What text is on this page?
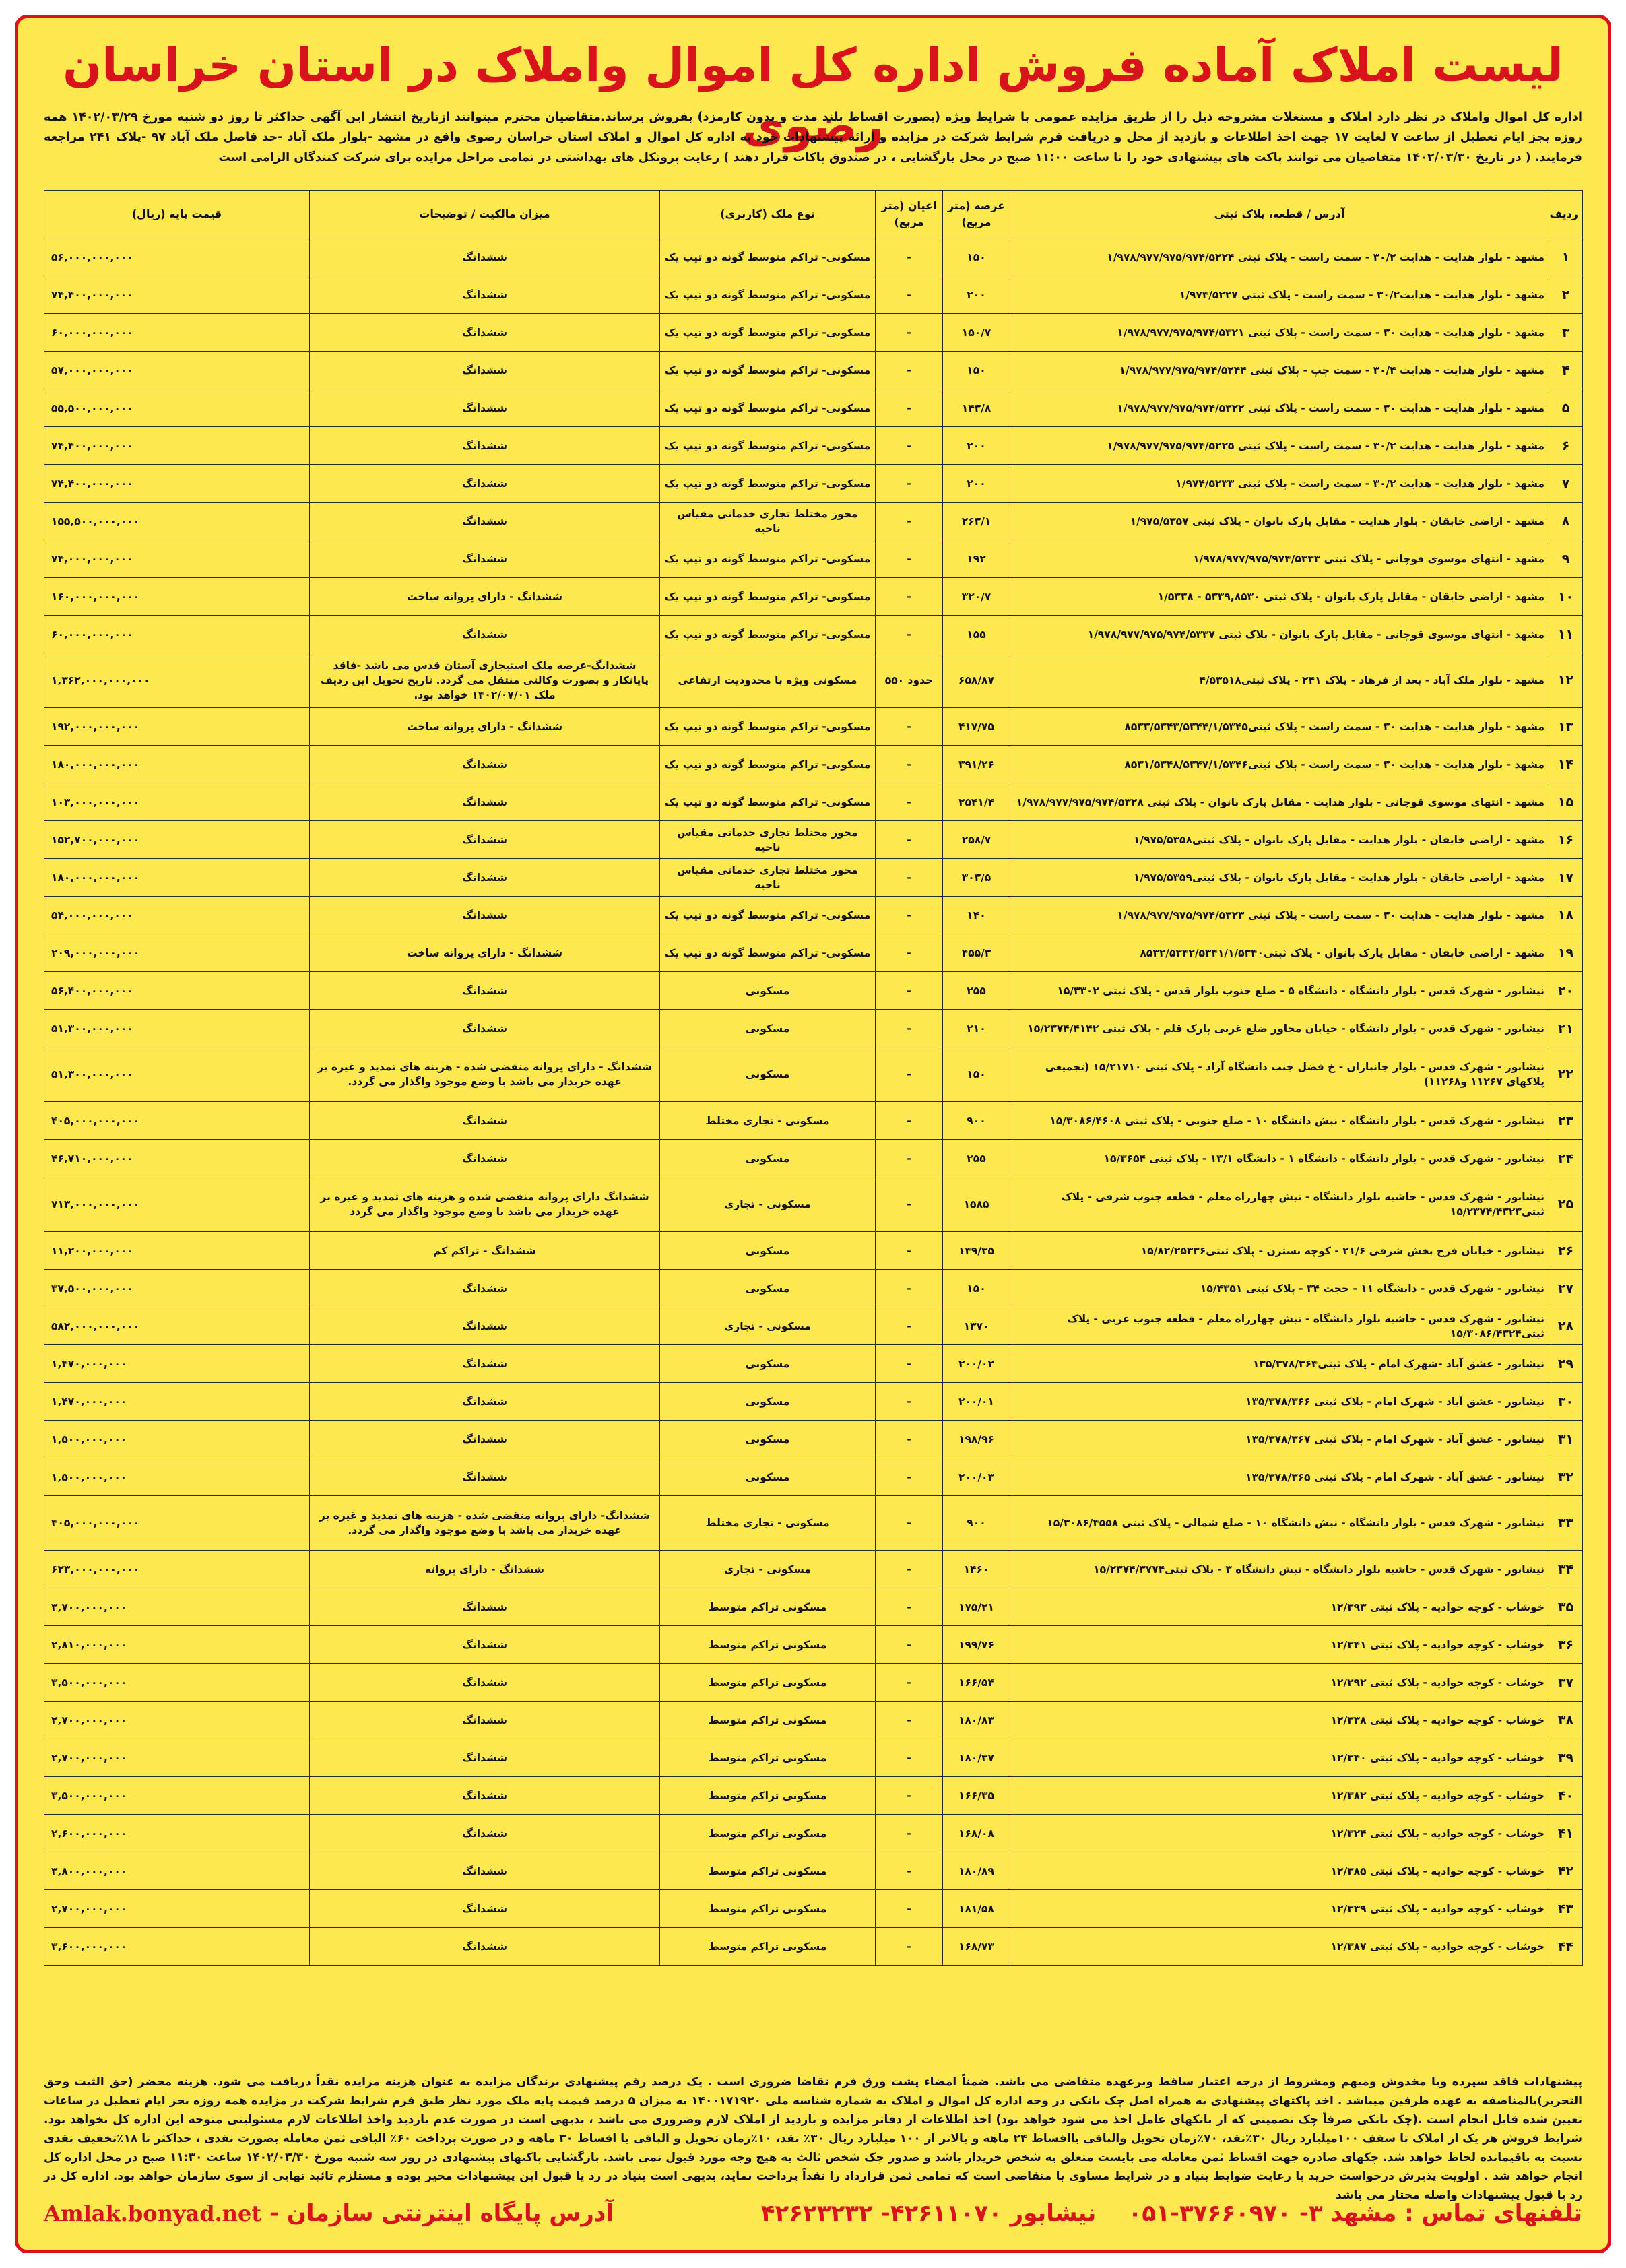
لیست املاک آماده فروش اداره کل اموال واملاک در استان خراسان رضوی
اداره کل اموال واملاک در نظر دارد املاک و مستغلات مشروحه ذیل را از طریق مزایده عمومی با شرایط ویژه (بصورت اقساط بلند مدت و بدون کارمزد) بفروش برساند.متقاضیان محترم میتوانند ازتاریخ انتشار این آگهی حداکثر تا روز دو شنبه مورخ ۱۴۰۲/۰۳/۲۹ همه روزه بجز ایام تعطیل از ساعت ۷ لغایت ۱۷ جهت اخذ اطلاعات و بازدید از محل و دریافت فرم شرایط شرکت در مزایده و ارائه پیشنهادات خود به اداره کل اموال و املاک استان خراسان رضوی واقع در مشهد -بلوار ملک آباد -حد فاصل ملک آباد ۹۷ -پلاک ۲۴۱ مراجعه فرمایند. ( در تاریخ ۱۴۰۲/۰۳/۳۰ متقاضیان می توانند پاکت های پیشنهادی خود را تا ساعت ۱۱:۰۰ صبح در محل بازگشایی ، در صندوق پاکات قرار دهند ) رعایت پروتکل های بهداشتی در تمامی مراحل مزایده برای شرکت کنندگان الزامی است
ردیف	آدرس / قطعه، پلاک ثبتی	عرصه (متر مربع)	اعیان (متر مربع)	نوع ملک (کاربری)	میزان مالکیت / توضیحات	قیمت پایه (ریال)
۱	مشهد - بلوار هدایت - هدایت ۳۰/۲ - سمت راست - پلاک ثبتی ۱/۹۷۸/۹۷۷/۹۷۵/۹۷۴/۵۲۲۴	۱۵۰	-	مسکونی- تراکم متوسط گونه دو تیپ یک	ششدانگ	۵۶,۰۰۰,۰۰۰,۰۰۰
۲	مشهد - بلوار هدایت - هدایت۳۰/۲ - سمت راست - پلاک ثبتی ۱/۹۷۴/۵۲۲۷	۲۰۰	-	مسکونی- تراکم متوسط گونه دو تیپ یک	ششدانگ	۷۴,۴۰۰,۰۰۰,۰۰۰
۳	مشهد - بلوار هدایت - هدایت ۳۰ - سمت راست - پلاک ثبتی ۱/۹۷۸/۹۷۷/۹۷۵/۹۷۴/۵۳۲۱	۱۵۰/۷	-	مسکونی- تراکم متوسط گونه دو تیپ یک	ششدانگ	۶۰,۰۰۰,۰۰۰,۰۰۰
۴	مشهد - بلوار هدایت - هدایت ۳۰/۴ - سمت چپ - پلاک ثبتی ۱/۹۷۸/۹۷۷/۹۷۵/۹۷۴/۵۲۴۴	۱۵۰	-	مسکونی- تراکم متوسط گونه دو تیپ یک	ششدانگ	۵۷,۰۰۰,۰۰۰,۰۰۰
۵	مشهد - بلوار هدایت - هدایت ۳۰ - سمت راست - پلاک ثبتی ۱/۹۷۸/۹۷۷/۹۷۵/۹۷۴/۵۳۲۲	۱۴۳/۸	-	مسکونی- تراکم متوسط گونه دو تیپ یک	ششدانگ	۵۵,۵۰۰,۰۰۰,۰۰۰
۶	مشهد - بلوار هدایت - هدایت ۳۰/۲ - سمت راست - پلاک ثبتی ۱/۹۷۸/۹۷۷/۹۷۵/۹۷۴/۵۲۲۵	۲۰۰	-	مسکونی- تراکم متوسط گونه دو تیپ یک	ششدانگ	۷۴,۴۰۰,۰۰۰,۰۰۰
۷	مشهد - بلوار هدایت - هدایت ۳۰/۲ - سمت راست - پلاک ثبتی ۱/۹۷۴/۵۲۳۳	۲۰۰	-	مسکونی- تراکم متوسط گونه دو تیپ یک	ششدانگ	۷۴,۴۰۰,۰۰۰,۰۰۰
۸	مشهد - اراضی خابقان - بلوار هدایت - مقابل پارک بانوان - پلاک ثبتی ۱/۹۷۵/۵۳۵۷	۲۶۳/۱	-	محور مختلط تجاری خدماتی مقیاس ناحیه	ششدانگ	۱۵۵,۵۰۰,۰۰۰,۰۰۰
۹	مشهد - انتهای موسوی قوچانی - پلاک ثبتی ۱/۹۷۸/۹۷۷/۹۷۵/۹۷۴/۵۳۳۳	۱۹۲	-	مسکونی- تراکم متوسط گونه دو تیپ یک	ششدانگ	۷۴,۰۰۰,۰۰۰,۰۰۰
۱۰	مشهد - اراضی خابقان - مقابل پارک بانوان - پلاک ثبتی ۵۳۳۹,۸۵۳۰ - ۱/۵۳۳۸	۳۲۰/۷	-	مسکونی- تراکم متوسط گونه دو تیپ یک	ششدانگ - دارای پروانه ساخت	۱۶۰,۰۰۰,۰۰۰,۰۰۰
۱۱	مشهد - انتهای موسوی قوچانی - مقابل پارک بانوان - پلاک ثبتی ۱/۹۷۸/۹۷۷/۹۷۵/۹۷۴/۵۳۳۷	۱۵۵	-	مسکونی- تراکم متوسط گونه دو تیپ یک	ششدانگ	۶۰,۰۰۰,۰۰۰,۰۰۰
۱۲	مشهد - بلوار ملک آباد - بعد از فرهاد - پلاک ۲۴۱ - پلاک ثبتی۴/۵۳۵۱۸	۶۵۸/۸۷	حدود ۵۵۰	مسکونی ویژه با محدودیت ارتفاعی	ششدانگ-عرصه ملک استیجاری آستان قدس می باشد -فاقد پایانکار و بصورت وکالتی منتقل می گردد. تاریخ تحویل این ردیف ملک ۱۴۰۲/۰۷/۰۱ خواهد بود.	۱,۳۶۲,۰۰۰,۰۰۰,۰۰۰
۱۳	مشهد - بلوار هدایت - هدایت ۳۰ - سمت راست - پلاک ثبتی۸۵۳۳/۵۳۴۳/۵۳۴۴/۱/۵۳۴۵	۴۱۷/۷۵	-	مسکونی- تراکم متوسط گونه دو تیپ یک	ششدانگ - دارای پروانه ساخت	۱۹۲,۰۰۰,۰۰۰,۰۰۰
۱۴	مشهد - بلوار هدایت - هدایت ۳۰ - سمت راست - پلاک ثبتی۸۵۳۱/۵۳۴۸/۵۳۴۷/۱/۵۳۴۶	۳۹۱/۲۶	-	مسکونی- تراکم متوسط گونه دو تیپ یک	ششدانگ	۱۸۰,۰۰۰,۰۰۰,۰۰۰
۱۵	مشهد - انتهای موسوی قوچانی - بلوار هدایت - مقابل پارک بانوان - پلاک ثبتی ۱/۹۷۸/۹۷۷/۹۷۵/۹۷۴/۵۳۲۸	۲۵۴۱/۴	-	مسکونی- تراکم متوسط گونه دو تیپ یک	ششدانگ	۱۰۳,۰۰۰,۰۰۰,۰۰۰
۱۶	مشهد - اراضی خابقان - بلوار هدایت - مقابل پارک بانوان - پلاک ثبتی۱/۹۷۵/۵۳۵۸	۲۵۸/۷	-	محور مختلط تجاری خدماتی مقیاس ناحیه	ششدانگ	۱۵۲,۷۰۰,۰۰۰,۰۰۰
۱۷	مشهد - اراضی خابقان - بلوار هدایت - مقابل پارک بانوان - پلاک ثبتی۱/۹۷۵/۵۳۵۹	۳۰۳/۵	-	محور مختلط تجاری خدماتی مقیاس ناحیه	ششدانگ	۱۸۰,۰۰۰,۰۰۰,۰۰۰
۱۸	مشهد - بلوار هدایت - هدایت ۳۰ - سمت راست - پلاک ثبتی ۱/۹۷۸/۹۷۷/۹۷۵/۹۷۴/۵۳۲۳	۱۴۰	-	مسکونی- تراکم متوسط گونه دو تیپ یک	ششدانگ	۵۴,۰۰۰,۰۰۰,۰۰۰
۱۹	مشهد - اراضی خابقان - مقابل پارک بانوان - پلاک ثبتی۸۵۳۲/۵۳۴۲/۵۳۴۱/۱/۵۳۴۰	۴۵۵/۳	-	مسکونی- تراکم متوسط گونه دو تیپ یک	ششدانگ - دارای پروانه ساخت	۲۰۹,۰۰۰,۰۰۰,۰۰۰
۲۰	نیشابور - شهرک قدس - بلوار دانشگاه - دانشگاه ۵ - ضلع جنوب بلوار قدس - پلاک ثبتی ۱۵/۳۳۰۲	۲۵۵	-	مسکونی	ششدانگ	۵۶,۴۰۰,۰۰۰,۰۰۰
۲۱	نیشابور - شهرک قدس - بلوار دانشگاه - خیابان مجاور ضلع غربی پارک قلم - پلاک ثبتی ۱۵/۲۳۷۴/۴۱۴۲	۲۱۰	-	مسکونی	ششدانگ	۵۱,۳۰۰,۰۰۰,۰۰۰
۲۲	نیشابور - شهرک قدس - بلوار جانبازان - خ فضل جنب دانشگاه آزاد - پلاک ثبتی ۱۵/۲۱۷۱۰ (تجمیعی پلاکهای ۱۱۲۶۷ و۱۱۲۶۸)	۱۵۰	-	مسکونی	ششدانگ - دارای پروانه منقضی شده - هزینه های تمدید و غیره بر عهده خریدار می باشد با وضع موجود واگذار می گردد.	۵۱,۳۰۰,۰۰۰,۰۰۰
۲۳	نیشابور - شهرک قدس - بلوار دانشگاه - نبش دانشگاه ۱۰ - ضلع جنوبی - پلاک ثبتی ۱۵/۳۰۸۶/۴۶۰۸	۹۰۰	-	مسکونی - تجاری مختلط	ششدانگ	۴۰۵,۰۰۰,۰۰۰,۰۰۰
۲۴	نیشابور - شهرک قدس - بلوار دانشگاه - دانشگاه ۱ - دانشگاه ۱۳/۱ - پلاک ثبتی ۱۵/۳۶۵۴	۲۵۵	-	مسکونی	ششدانگ	۴۶,۷۱۰,۰۰۰,۰۰۰
۲۵	نیشابور - شهرک قدس - حاشیه بلوار دانشگاه - نبش چهارراه معلم - قطعه جنوب شرقی - پلاک ثبتی۱۵/۲۳۷۴/۴۳۲۳	۱۵۸۵	-	مسکونی - تجاری	ششدانگ دارای پروانه منقضی شده و هزینه های تمدید و غیره بر عهده خریدار می باشد با وضع موجود واگذار می گردد	۷۱۳,۰۰۰,۰۰۰,۰۰۰
۲۶	نیشابور - خیابان فرح بخش شرقی ۲۱/۶ - کوچه نسترن - پلاک ثبتی۱۵/۸۲/۲۵۳۳۶	۱۴۹/۳۵	-	مسکونی	ششدانگ - تراکم کم	۱۱,۲۰۰,۰۰۰,۰۰۰
۲۷	نیشابور - شهرک قدس - دانشگاه ۱۱ - حجت ۳۴ - پلاک ثبتی ۱۵/۴۳۵۱	۱۵۰	-	مسکونی	ششدانگ	۳۷,۵۰۰,۰۰۰,۰۰۰
۲۸	نیشابور - شهرک قدس - حاشیه بلوار دانشگاه - نبش چهارراه معلم - قطعه جنوب غربی - پلاک ثبتی۱۵/۳۰۸۶/۴۳۲۴	۱۳۷۰	-	مسکونی - تجاری	ششدانگ	۵۸۲,۰۰۰,۰۰۰,۰۰۰
۲۹	نیشابور - عشق آباد -شهرک امام - پلاک ثبتی۱۳۵/۳۷۸/۳۶۴	۲۰۰/۰۲	-	مسکونی	ششدانگ	۱,۴۷۰,۰۰۰,۰۰۰
۳۰	نیشابور - عشق آباد - شهرک امام - پلاک ثبتی ۱۳۵/۳۷۸/۳۶۶	۲۰۰/۰۱	-	مسکونی	ششدانگ	۱,۴۷۰,۰۰۰,۰۰۰
۳۱	نیشابور - عشق آباد - شهرک امام - پلاک ثبتی ۱۳۵/۳۷۸/۳۶۷	۱۹۸/۹۶	-	مسکونی	ششدانگ	۱,۵۰۰,۰۰۰,۰۰۰
۳۲	نیشابور - عشق آباد - شهرک امام - پلاک ثبتی ۱۳۵/۳۷۸/۳۶۵	۲۰۰/۰۳	-	مسکونی	ششدانگ	۱,۵۰۰,۰۰۰,۰۰۰
۳۳	نیشابور - شهرک قدس - بلوار دانشگاه - نبش دانشگاه ۱۰ - ضلع شمالی - پلاک ثبتی ۱۵/۳۰۸۶/۴۵۵۸	۹۰۰	-	مسکونی - تجاری مختلط	ششدانگ- دارای پروانه منقضی شده - هزینه های تمدید و غیره بر عهده خریدار می باشد با وضع موجود واگذار می گردد.	۴۰۵,۰۰۰,۰۰۰,۰۰۰
۳۴	نیشابور - شهرک قدس - حاشیه بلوار دانشگاه - نبش دانشگاه ۳ - پلاک ثبتی۱۵/۲۳۷۴/۳۷۷۴	۱۴۶۰	-	مسکونی - تجاری	ششدانگ - دارای پروانه	۶۲۳,۰۰۰,۰۰۰,۰۰۰
۳۵	خوشاب - کوچه جوادیه - پلاک ثبتی ۱۲/۳۹۳	۱۷۵/۲۱	-	مسکونی تراکم متوسط	ششدانگ	۳,۷۰۰,۰۰۰,۰۰۰
۳۶	خوشاب - کوچه جوادیه - پلاک ثبتی ۱۲/۳۴۱	۱۹۹/۷۶	-	مسکونی تراکم متوسط	ششدانگ	۲,۸۱۰,۰۰۰,۰۰۰
۳۷	خوشاب - کوچه جوادیه - پلاک ثبتی ۱۲/۲۹۲	۱۶۶/۵۴	-	مسکونی تراکم متوسط	ششدانگ	۳,۵۰۰,۰۰۰,۰۰۰
۳۸	خوشاب - کوچه جوادیه - پلاک ثبتی ۱۲/۳۳۸	۱۸۰/۸۳	-	مسکونی تراکم متوسط	ششدانگ	۲,۷۰۰,۰۰۰,۰۰۰
۳۹	خوشاب - کوچه جوادیه - پلاک ثبتی ۱۲/۳۴۰	۱۸۰/۳۷	-	مسکونی تراکم متوسط	ششدانگ	۲,۷۰۰,۰۰۰,۰۰۰
۴۰	خوشاب - کوچه جوادیه - پلاک ثبتی ۱۲/۳۸۲	۱۶۶/۳۵	-	مسکونی تراکم متوسط	ششدانگ	۳,۵۰۰,۰۰۰,۰۰۰
۴۱	خوشاب - کوچه جوادیه - پلاک ثبتی ۱۲/۳۲۴	۱۶۸/۰۸	-	مسکونی تراکم متوسط	ششدانگ	۲,۶۰۰,۰۰۰,۰۰۰
۴۲	خوشاب - کوچه جوادیه - پلاک ثبتی ۱۲/۳۸۵	۱۸۰/۸۹	-	مسکونی تراکم متوسط	ششدانگ	۳,۸۰۰,۰۰۰,۰۰۰
۴۳	خوشاب - کوچه جوادیه - پلاک ثبتی ۱۲/۳۳۹	۱۸۱/۵۸	-	مسکونی تراکم متوسط	ششدانگ	۲,۷۰۰,۰۰۰,۰۰۰
۴۴	خوشاب - کوچه جوادیه - پلاک ثبتی ۱۲/۳۸۷	۱۶۸/۷۳	-	مسکونی تراکم متوسط	ششدانگ	۳,۶۰۰,۰۰۰,۰۰۰
پیشنهادات فاقد سپرده ویا مخدوش ومبهم ومشروط از درجه اعتبار ساقط وبرعهده متقاضی می باشد. ضمناً امضاء پشت ورق فرم تقاضا ضروری است . یک درصد رقم پیشنهادی برندگان مزایده به عنوان هزینه مزایده نقداً دریافت می شود. هزینه محضر (حق الثبت وحق التحریر)بالمناصفه به عهده طرفین میباشد . اخذ پاکتهای پیشنهادی به همراه اصل چک بانکی در وجه اداره کل اموال و املاک به شماره شناسه ملی ۱۴۰۰۱۷۱۹۲۰ به میزان ۵ درصد قیمت پایه ملک مورد نظر طبق فرم شرایط شرکت در مزایده همه روزه بجز ایام تعطیل در ساعات تعیین شده قابل انجام است .(چک بانکی صرفاً چک تضمینی که از بانکهای عامل اخذ می شود خواهد بود) اخذ اطلاعات از دفاتر مزایده و بازدید از املاک لازم وضروری می باشد ، بدیهی است در صورت عدم بازدید واخذ اطلاعات لازم مسئولیتی متوجه این اداره کل نخواهد بود. شرایط فروش هر یک از املاک تا سقف ۱۰۰میلیارد ریال ۳۰٪نقد، ۷۰٪زمان تحویل والباقی بااقساط ۲۴ ماهه و بالاتر از ۱۰۰ میلیارد ریال ۳۰٪ نقد، ۱۰٪زمان تحویل و الباقی با اقساط ۳۰ ماهه و در صورت پرداخت ۶۰٪ الباقی ثمن معامله بصورت نقدی ، حداکثر تا ۱۸٪تخفیف نقدی نسبت به باقیمانده لحاظ خواهد شد. چکهای صادره جهت اقساط ثمن معامله می بایست متعلق به شخص خریدار باشد و صدور چک شخص ثالث به هیچ وجه مورد قبول نمی باشد. بازگشایی پاکتهای پیشنهادی در روز سه شنبه مورخ ۱۴۰۲/۰۳/۳۰ ساعت ۱۱:۳۰ صبح در محل اداره کل انجام خواهد شد . اولویت پذیرش درخواست خرید با رعایت ضوابط بنیاد و در شرایط مساوی با متقاضی است که تمامی ثمن قرارداد را نقداً پرداخت نماید، بدیهی است بنیاد در رد یا قبول این پیشنهادات مخیر بوده و مستلزم تائید نهایی از سوی سازمان خواهد بود. اداره کل در رد یا قبول پیشنهادات واصله مختار می باشد
تلفنهای تماس : مشهد ۳- ۳۷۶۶۰۹۷۰-۰۵۱    نیشابور ۴۲۶۱۱۰۷۰- ۴۲۶۲۳۲۳۲
آدرس پایگاه اینترنتی سازمان - Amlak.bonyad.net
